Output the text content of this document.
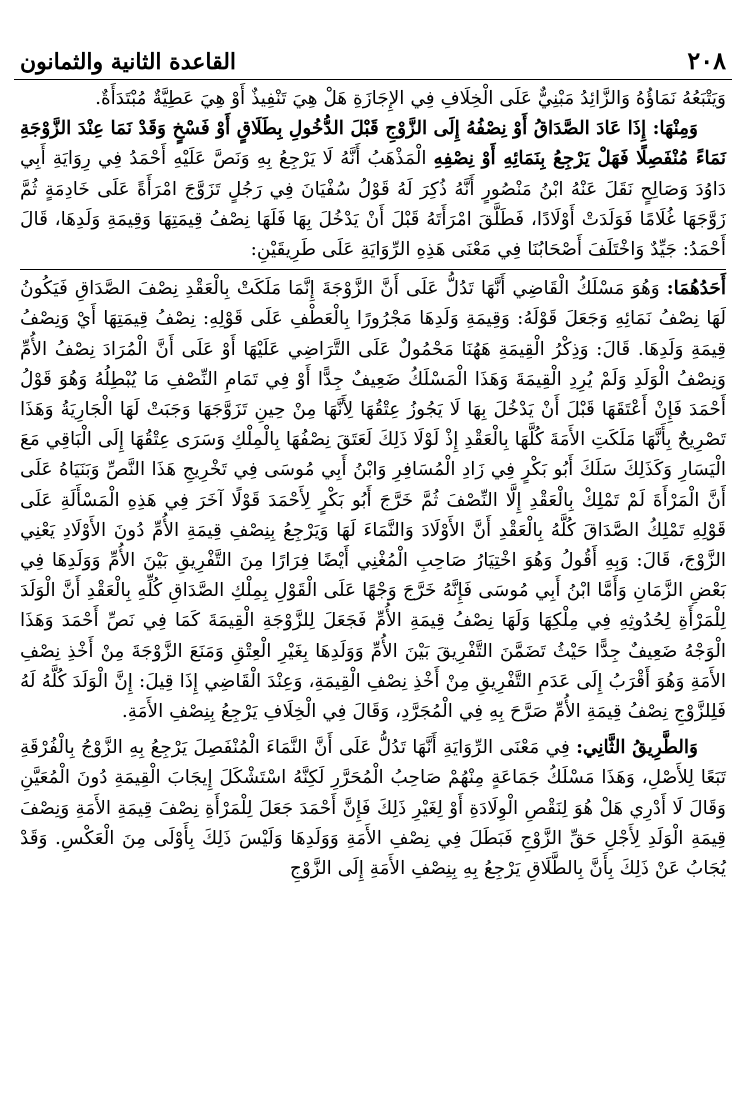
٢٠٨
القاعدة الثانية والثمانون

وَيَتْبَعُهُ نَمَاؤُهُ وَالزَّائِدُ مَبْنِيٌّ عَلَى الْخِلَافِ فِي الإِجَازَةِ هَلْ هِيَ تَنْفِيذٌ أَوْ هِيَ عَطِيَّةٌ مُبْتَدَأَةٌ.

وَمِنْهَا: إِذَا عَادَ الصَّدَاقُ أَوْ نِصْفُهُ إِلَى الزَّوْجِ قَبْلَ الدُّخُولِ بِطَلَاقٍ أَوْ فَسْخٍ وَقَدْ نَمَا عِنْدَ الزَّوْجَةِ نَمَاءً مُنْفَصِلًا فَهَلْ يَرْجِعُ بِنَمَائِهِ أَوْ نِصْفِهِ الْمَذْهَبُ أَنَّهُ لَا يَرْجِعُ بِهِ وَنَصَّ عَلَيْهِ أَحْمَدُ فِي رِوَايَةِ أَبِي دَاوُدَ وَصَالِحٍ نَقَلَ عَنْهُ ابْنُ مَنْصُورٍ أَنَّهُ ذُكِرَ لَهُ قَوْلُ سُفْيَانَ فِي رَجُلٍ تَزَوَّجَ امْرَأَةً عَلَى خَادِمَةٍ ثُمَّ زَوَّجَهَا غُلَامًا فَوَلَدَتْ أَوْلَادًا، فَطَلَّقَ امْرَأَتَهُ قَبْلَ أَنْ يَدْخُلَ بِهَا فَلَهَا نِصْفُ قِيمَتِهَا وَقِيمَةِ وَلَدِهَا، قَالَ أَحْمَدُ: جَيِّدٌ وَاخْتَلَفَ أَصْحَابُنَا فِي مَعْنَى هَذِهِ الرِّوَايَةِ عَلَى طَرِيقَيْنِ:

أَحَدُهُمَا: وَهُوَ مَسْلَكُ الْقَاضِي أَنَّهَا تَدُلُّ عَلَى أَنَّ الزَّوْجَةَ إِنَّمَا مَلَكَتْ بِالْعَقْدِ نِصْفَ الصَّدَاقِ فَيَكُونُ لَهَا نِصْفُ نَمَائِهِ وَجَعَلَ قَوْلَهُ: وَقِيمَةِ وَلَدِهَا مَجْرُورًا بِالْعَطْفِ عَلَى قَوْلِهِ: نِصْفُ قِيمَتِهَا أَيْ وَنِصْفُ قِيمَةِ وَلَدِهَا. قَالَ: وَذِكْرُ الْقِيمَةِ هَهُنَا مَحْمُولٌ عَلَى التَّرَاضِي عَلَيْهَا أَوْ عَلَى أَنَّ الْمُرَادَ نِصْفُ الأُمِّ وَنِصْفُ الْوَلَدِ وَلَمْ يُرِدِ الْقِيمَةَ وَهَذَا الْمَسْلَكُ ضَعِيفٌ جِدًّا أَوْ فِي تَمَامِ النِّصْفِ مَا يُبْطِلُهُ وَهُوَ قَوْلُ أَحْمَدَ فَإِنْ أَعْتَقَهَا قَبْلَ أَنْ يَدْخُلَ بِهَا لَا يَجُوزُ عِتْقُهَا لِأَنَّهَا مِنْ حِينِ تَزَوَّجَهَا وَجَبَتْ لَهَا الْجَارِيَةُ وَهَذَا تَصْرِيحٌ بِأَنَّهَا مَلَكَتِ الأَمَةَ كُلَّهَا بِالْعَقْدِ إِذْ لَوْلَا ذَلِكَ لَعَتَقَ نِصْفُهَا بِالْمِلْكِ وَسَرَى عِتْقُهَا إِلَى الْبَاقِي مَعَ الْيَسَارِ وَكَذَلِكَ سَلَكَ أَبُو بَكْرٍ فِي زَادِ الْمُسَافِرِ وَابْنُ أَبِي مُوسَى فِي تَخْرِيجِ هَذَا النَّصِّ وَبَنَيَاهُ عَلَى أَنَّ الْمَرْأَةَ لَمْ تَمْلِكْ بِالْعَقْدِ إِلَّا النِّصْفَ ثُمَّ خَرَّجَ أَبُو بَكْرٍ لِأَحْمَدَ قَوْلًا آخَرَ فِي هَذِهِ الْمَسْأَلَةِ عَلَى قَوْلِهِ تَمْلِكُ الصَّدَاقَ كُلَّهُ بِالْعَقْدِ أَنَّ الأَوْلَادَ وَالنَّمَاءَ لَهَا وَيَرْجِعُ بِنِصْفِ قِيمَةِ الأُمِّ دُونَ الأَوْلَادِ يَعْنِي الزَّوْجَ، قَالَ: وَبِهِ أَقُولُ وَهُوَ اخْتِيَارُ صَاحِبِ الْمُغْنِي أَيْضًا فِرَارًا مِنَ التَّفْرِيقِ بَيْنَ الأُمِّ وَوَلَدِهَا فِي بَعْضِ الزَّمَانِ وَأَمَّا ابْنُ أَبِي مُوسَى فَإِنَّهُ خَرَّجَ وَجْهًا عَلَى الْقَوْلِ بِمِلْكِ الصَّدَاقِ كُلِّهِ بِالْعَقْدِ أَنَّ الْوَلَدَ لِلْمَرْأَةِ لِحُدُوثِهِ فِي مِلْكِهَا وَلَهَا نِصْفُ قِيمَةِ الأُمِّ فَجَعَلَ لِلزَّوْجَةِ الْقِيمَةَ كَمَا فِي نَصِّ أَحْمَدَ وَهَذَا الْوَجْهُ ضَعِيفٌ جِدًّا حَيْثُ تَضَمَّنَ التَّفْرِيقَ بَيْنَ الأُمِّ وَوَلَدِهَا بِغَيْرِ الْعِتْقِ وَمَنَعَ الزَّوْجَةَ مِنْ أَخْذِ نِصْفِ الأَمَةِ وَهُوَ أَقْرَبُ إِلَى عَدَمِ التَّفْرِيقِ مِنْ أَخْذِ نِصْفِ الْقِيمَةِ، وَعِنْدَ الْقَاضِي إِذَا قِيلَ: إِنَّ الْوَلَدَ كُلَّهُ لَهُ فَلِلزَّوْجِ نِصْفُ قِيمَةِ الأُمِّ صَرَّحَ بِهِ فِي الْمُجَرَّدِ، وَقَالَ فِي الْخِلَافِ يَرْجِعُ بِنِصْفِ الأَمَةِ.

وَالطَّرِيقُ الثَّانِي: فِي مَعْنَى الرِّوَايَةِ أَنَّهَا تَدُلُّ عَلَى أَنَّ النَّمَاءَ الْمُنْفَصِلَ يَرْجِعُ بِهِ الزَّوْجُ بِالْفُرْقَةِ تَبَعًا لِلأَصْلِ، وَهَذَا مَسْلَكُ جَمَاعَةٍ مِنْهُمْ صَاحِبُ الْمُحَرَّرِ لَكِنَّهُ اسْتَشْكَلَ إِيجَابَ الْقِيمَةِ دُونَ الْمُعَيَّنِ وَقَالَ لَا أَدْرِي هَلْ هُوَ لِنَقْصِ الْوِلَادَةِ أَوْ لِغَيْرِ ذَلِكَ فَإِنَّ أَحْمَدَ جَعَلَ لِلْمَرْأَةِ نِصْفَ قِيمَةِ الأَمَةِ وَنِصْفَ قِيمَةِ الْوَلَدِ لِأَجْلِ حَقِّ الزَّوْجِ فَبَطَلَ فِي نِصْفِ الأَمَةِ وَوَلَدِهَا وَلَيْسَ ذَلِكَ بِأَوْلَى مِنَ الْعَكْسِ. وَقَدْ يُجَابُ عَنْ ذَلِكَ بِأَنَّ بِالطَّلَاقِ يَرْجِعُ بِهِ بِنِصْفِ الأَمَةِ إِلَى الزَّوْجِ
